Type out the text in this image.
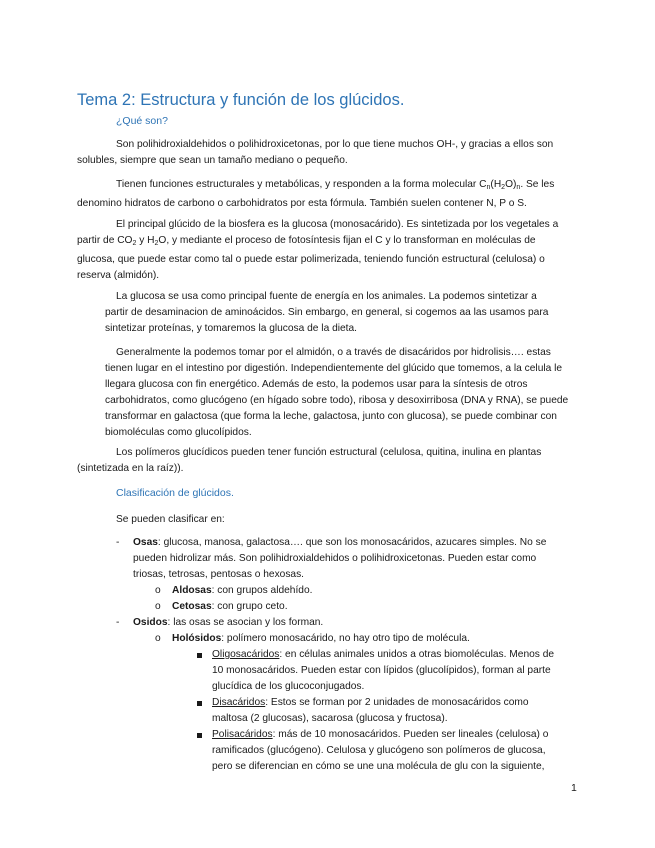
Tema 2: Estructura y función de los glúcidos.
¿Qué son?
Son polihidroxialdehidos o polihidroxicetonas, por lo que tiene muchos OH-, y gracias a ellos son
solubles, siempre que sean un tamaño mediano o pequeño.
Tienen funciones estructurales y metabólicas, y responden a la forma molecular $C_n(H_2O)_n$. Se les
denomino hidratos de carbono o carbohidratos por esta fórmula. También suelen contener N, P o S.
El principal glúcido de la biosfera es la glucosa (monosacárido). Es sintetizada por los vegetales a
partir de $CO_2$ y $H_2O$, y mediante el proceso de fotosíntesis fijan el C y lo transforman en moléculas de
glucosa, que puede estar como tal o puede estar polimerizada, teniendo función estructural (celulosa) o
reserva (almidón).
La glucosa se usa como principal fuente de energía en los animales. La podemos sintetizar a
partir de desaminacion de aminoácidos. Sin embargo, en general, si cogemos aa las usamos para
sintetizar proteínas, y tomaremos la glucosa de la dieta.
Generalmente la podemos tomar por el almidón, o a través de disacáridos por hidrolisis…. estas
tienen lugar en el intestino por digestión. Independientemente del glúcido que tomemos, a la celula le
llegara glucosa con fin energético. Además de esto, la podemos usar para la síntesis de otros
carbohidratos, como glucógeno (en hígado sobre todo), ribosa y desoxirribosa (DNA y RNA), se puede
transformar en galactosa (que forma la leche, galactosa, junto con glucosa), se puede combinar con
biomoléculas como glucolípidos.
Los polímeros glucídicos pueden tener función estructural (celulosa, quitina, inulina en plantas
(sintetizada en la raíz)).
Clasificación de glúcidos.
Se pueden clasificar en:
- Osas: glucosa, manosa, galactosa…. que son los monosacáridos, azucares simples. No se
pueden hidrolizar más. Son polihidroxialdehidos o polihidroxicetonas. Pueden estar como
triosas, tetrosas, pentosas o hexosas.
o Aldosas: con grupos aldehído.
o Cetosas: con grupo ceto.
- Osidos: las osas se asocian y los forman.
o Holósidos: polímero monosacárido, no hay otro tipo de molécula.
Oligosacáridos: en células animales unidos a otras biomoléculas. Menos de
10 monosacáridos. Pueden estar con lípidos (glucolípidos), forman al parte
glucídica de los glucoconjugados.
Disacáridos: Estos se forman por 2 unidades de monosacáridos como
maltosa (2 glucosas), sacarosa (glucosa y fructosa).
Polisacáridos: más de 10 monosacáridos. Pueden ser lineales (celulosa) o
ramificados (glucógeno). Celulosa y glucógeno son polímeros de glucosa,
pero se diferencian en cómo se une una molécula de glu con la siguiente,
1
